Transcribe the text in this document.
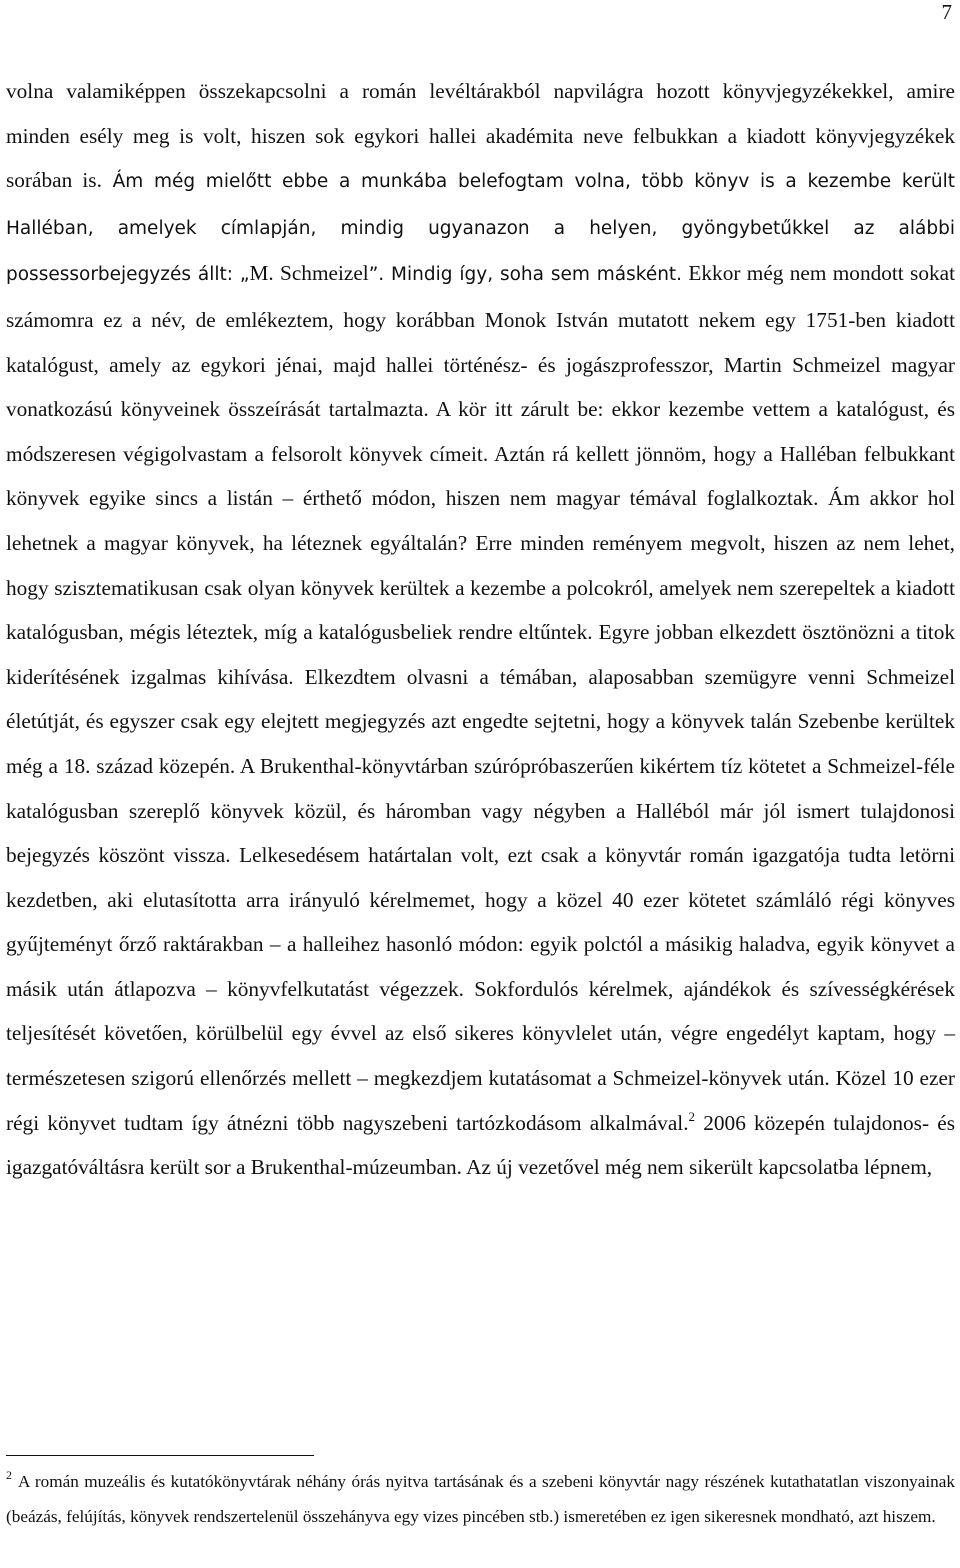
7

volna valamiképpen összekapcsolni a román levéltárakból napvilágra hozott könyvjegyzékekkel, amire minden esély meg is volt, hiszen sok egykori hallei akadémita neve felbukkan a kiadott könyvjegyzékek sorában is. Ám még mielőtt ebbe a munkába belefogtam volna, több könyv is a kezembe került Halléban, amelyek címlapján, mindig ugyanazon a helyen, gyöngybetűkkel az alábbi possessorbejegyzés állt: „M. Schmeizel”. Mindig így, soha sem másként. Ekkor még nem mondott sokat számomra ez a név, de emlékeztem, hogy korábban Monok István mutatott nekem egy 1751-ben kiadott katalógust, amely az egykori jénai, majd hallei történész- és jogászprofesszor, Martin Schmeizel magyar vonatkozású könyveinek összeírását tartalmazta. A kör itt zárult be: ekkor kezembe vettem a katalógust, és módszeresen végigolvastam a felsorolt könyvek címeit. Aztán rá kellett jönnöm, hogy a Halléban felbukkant könyvek egyike sincs a listán – érthető módon, hiszen nem magyar témával foglalkoztak. Ám akkor hol lehetnek a magyar könyvek, ha léteznek egyáltalán? Erre minden reményem megvolt, hiszen az nem lehet, hogy szisztematikusan csak olyan könyvek kerültek a kezembe a polcokról, amelyek nem szerepeltek a kiadott katalógusban, mégis léteztek, míg a katalógusbeliek rendre eltűntek. Egyre jobban elkezdett ösztönözni a titok kiderítésének izgalmas kihívása. Elkezdtem olvasni a témában, alaposabban szemügyre venni Schmeizel életútját, és egyszer csak egy elejtett megjegyzés azt engedte sejtetni, hogy a könyvek talán Szebenbe kerültek még a 18. század közepén. A Brukenthal-könyvtárban szúrópróbaszerűen kikértem tíz kötetet a Schmeizel-féle katalógusban szereplő könyvek közül, és háromban vagy négyben a Halléból már jól ismert tulajdonosi bejegyzés köszönt vissza. Lelkesedésem határtalan volt, ezt csak a könyvtár román igazgatója tudta letörni kezdetben, aki elutasította arra irányuló kérelmemet, hogy a közel 40 ezer kötetet számláló régi könyves gyűjteményt őrző raktárakban – a halleihez hasonló módon: egyik polctól a másikig haladva, egyik könyvet a másik után átlapozva – könyvfelkutatást végezzek. Sokfordulós kérelmek, ajándékok és szívességkérések teljesítését követően, körülbelül egy évvel az első sikeres könyvlelet után, végre engedélyt kaptam, hogy – természetesen szigorú ellenőrzés mellett – megkezdjem kutatásomat a Schmeizel-könyvek után. Közel 10 ezer régi könyvet tudtam így átnézni több nagyszebeni tartózkodásom alkalmával.$^2$ 2006 közepén tulajdonos- és igazgatóváltásra került sor a Brukenthal-múzeumban. Az új vezetővel még nem sikerült kapcsolatba lépnem,

$^2$ A román muzeális és kutatókönyvtárak néhány órás nyitva tartásának és a szebeni könyvtár nagy részének kutathatatlan viszonyainak (beázás, felújítás, könyvek rendszertelenül összehányva egy vizes pincében stb.) ismeretében ez igen sikeresnek mondható, azt hiszem.
